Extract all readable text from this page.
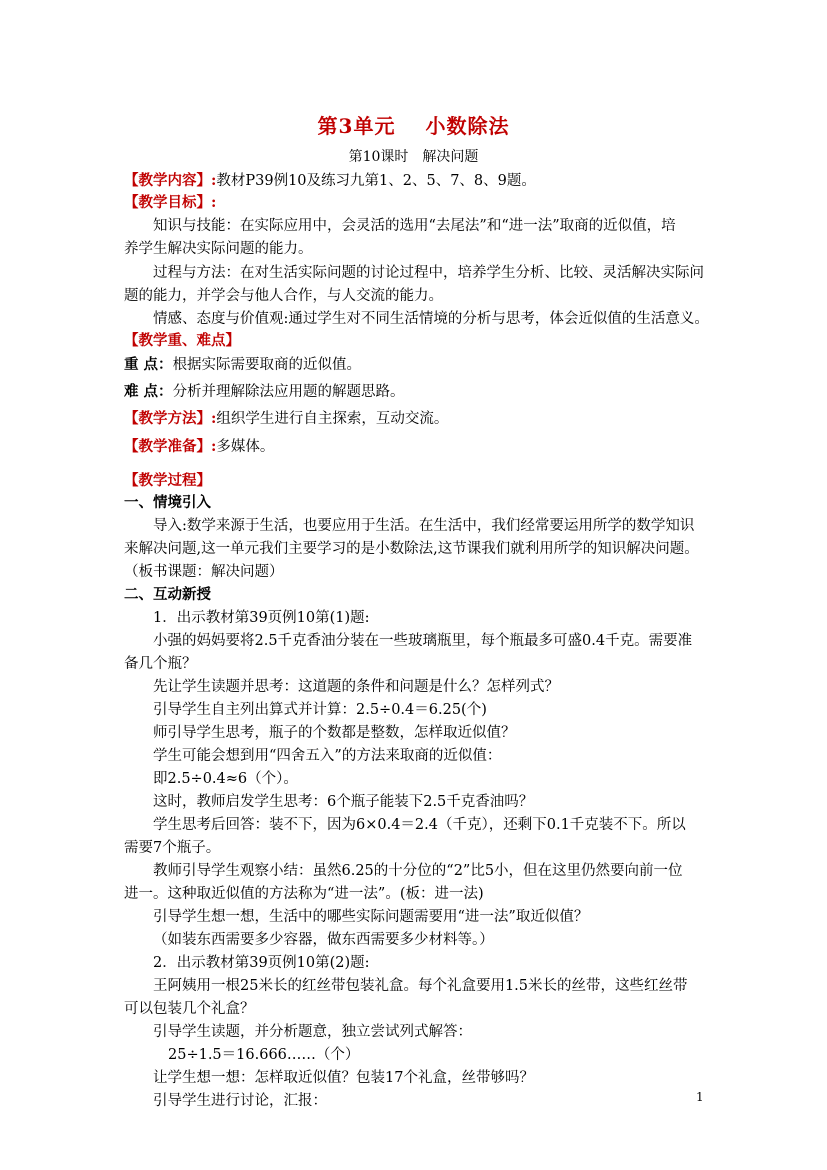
第3单元 小数除法
第10课时 解决问题
【教学内容】:教材P39例10及练习九第1、2、5、7、8、9题。
【教学目标】:
知识与技能：在实际应用中，会灵活的选用“去尾法”和“进一法”取商的近似值，培
养学生解决实际问题的能力。
过程与方法：在对生活实际问题的讨论过程中，培养学生分析、比较、灵活解决实际问
题的能力，并学会与他人合作，与人交流的能力。
情感、态度与价值观:通过学生对不同生活情境的分析与思考，体会近似值的生活意义。
【教学重、难点】
重 点：根据实际需要取商的近似值。
难 点：分析并理解除法应用题的解题思路。
【教学方法】:组织学生进行自主探索，互动交流。
【教学准备】:多媒体。
【教学过程】
一、情境引入
导入:数学来源于生活，也要应用于生活。在生活中，我们经常要运用所学的数学知识
来解决问题,这一单元我们主要学习的是小数除法,这节课我们就利用所学的知识解决问题。
（板书课题：解决问题）
二、互动新授
1．出示教材第39页例10第(1)题:
小强的妈妈要将2.5千克香油分装在一些玻璃瓶里，每个瓶最多可盛0.4千克。需要准
备几个瓶？
先让学生读题并思考：这道题的条件和问题是什么？怎样列式？
引导学生自主列出算式并计算：2.5÷0.4＝6.25(个)
师引导学生思考，瓶子的个数都是整数，怎样取近似值？
学生可能会想到用“四舍五入”的方法来取商的近似值：
即2.5÷0.4≈6（个）。
这时，教师启发学生思考：6个瓶子能装下2.5千克香油吗？
学生思考后回答：装不下，因为6×0.4＝2.4（千克），还剩下0.1千克装不下。所以
需要7个瓶子。
教师引导学生观察小结：虽然6.25的十分位的“2”比5小，但在这里仍然要向前一位
进一。这种取近似值的方法称为“进一法”。(板：进一法)
引导学生想一想，生活中的哪些实际问题需要用“进一法”取近似值？
（如装东西需要多少容器，做东西需要多少材料等。）
2．出示教材第39页例10第(2)题:
王阿姨用一根25米长的红丝带包装礼盒。每个礼盒要用1.5米长的丝带，这些红丝带
可以包装几个礼盒？
引导学生读题，并分析题意，独立尝试列式解答：
25÷1.5＝16.666……（个）
让学生想一想：怎样取近似值？包装17个礼盒，丝带够吗？
引导学生进行讨论，汇报：	1
